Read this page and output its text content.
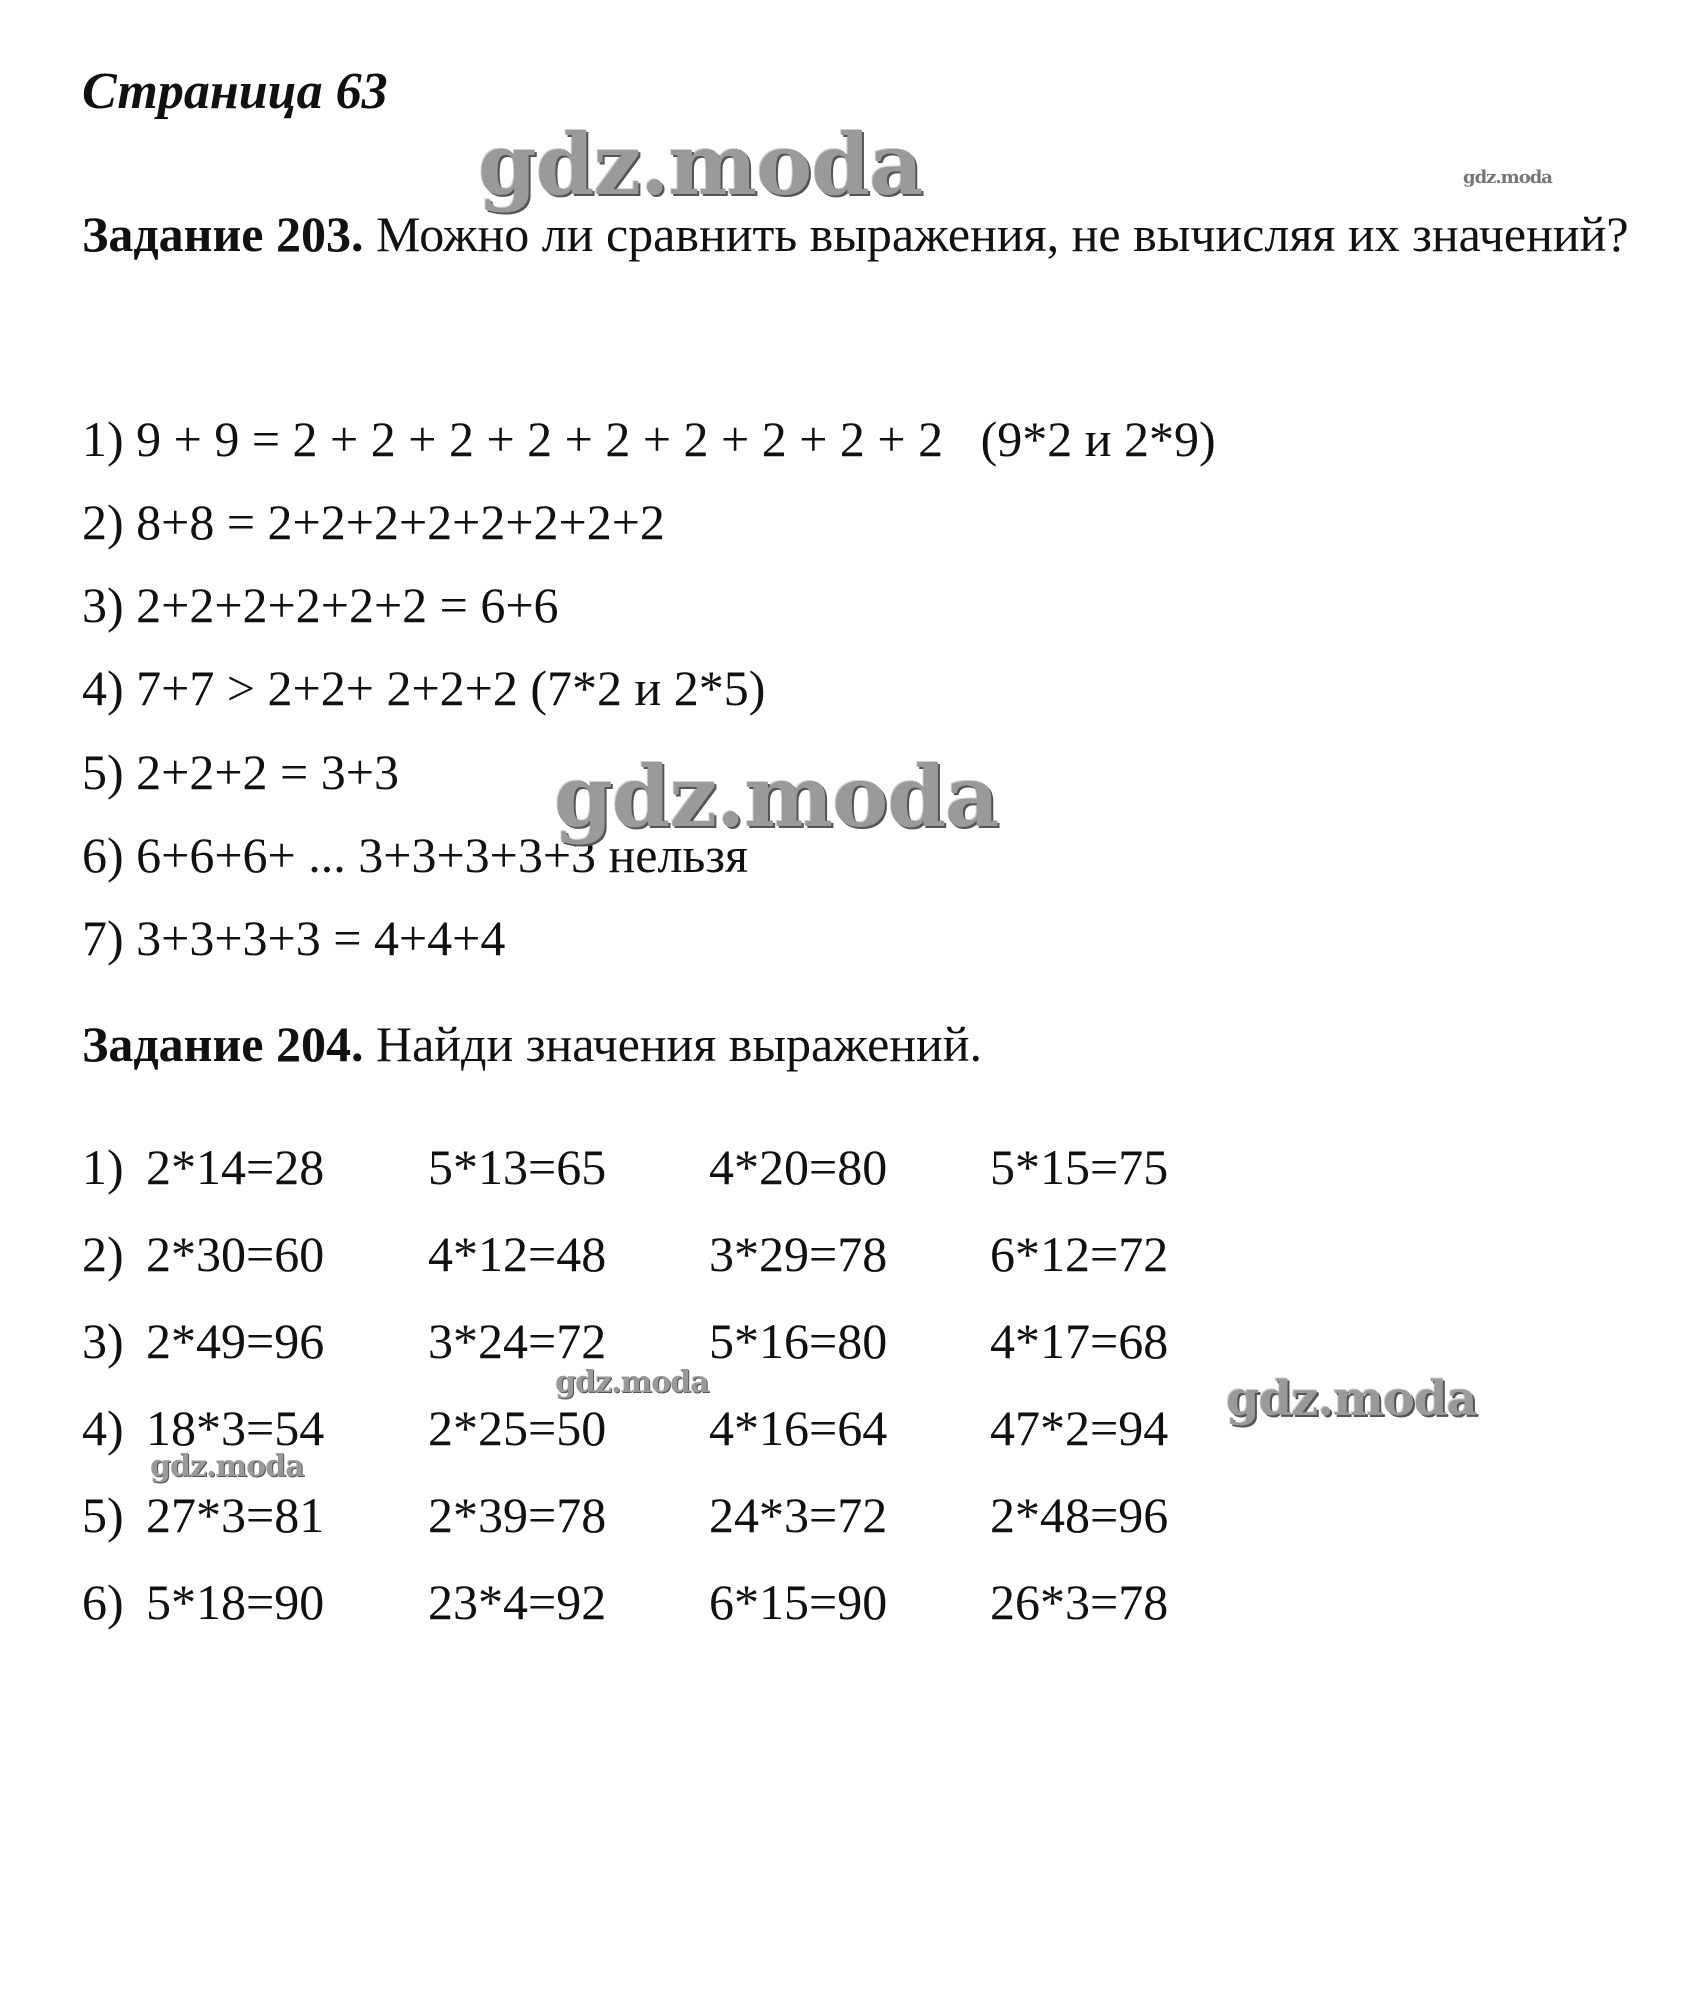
Страница 63
Задание 203. Можно ли сравнить выражения, не вычисляя их значений?
1) 9 + 9 = 2 + 2 + 2 + 2 + 2 + 2 + 2 + 2 + 2   (9*2 и 2*9)
2) 8+8 = 2+2+2+2+2+2+2+2
3) 2+2+2+2+2+2 = 6+6
4) 7+7 > 2+2+ 2+2+2 (7*2 и 2*5)
5) 2+2+2 = 3+3
6) 6+6+6+ ... 3+3+3+3+3 нельзя
7) 3+3+3+3 = 4+4+4
Задание 204. Найди значения выражений.

1)

2*14=28

5*13=65

4*20=80

5*15=75

2)

2*30=60

4*12=48

3*29=78

6*12=72

3)

2*49=96

3*24=72

5*16=80

4*17=68

4)

18*3=54

2*25=50

4*16=64

47*2=94

5)

27*3=81

2*39=78

24*3=72

2*48=96

6)

5*18=90

23*4=92

6*15=90

26*3=78

gdz.moda	gdz.moda
gdz.moda
gdz.moda	gdz.moda
gdz.moda
